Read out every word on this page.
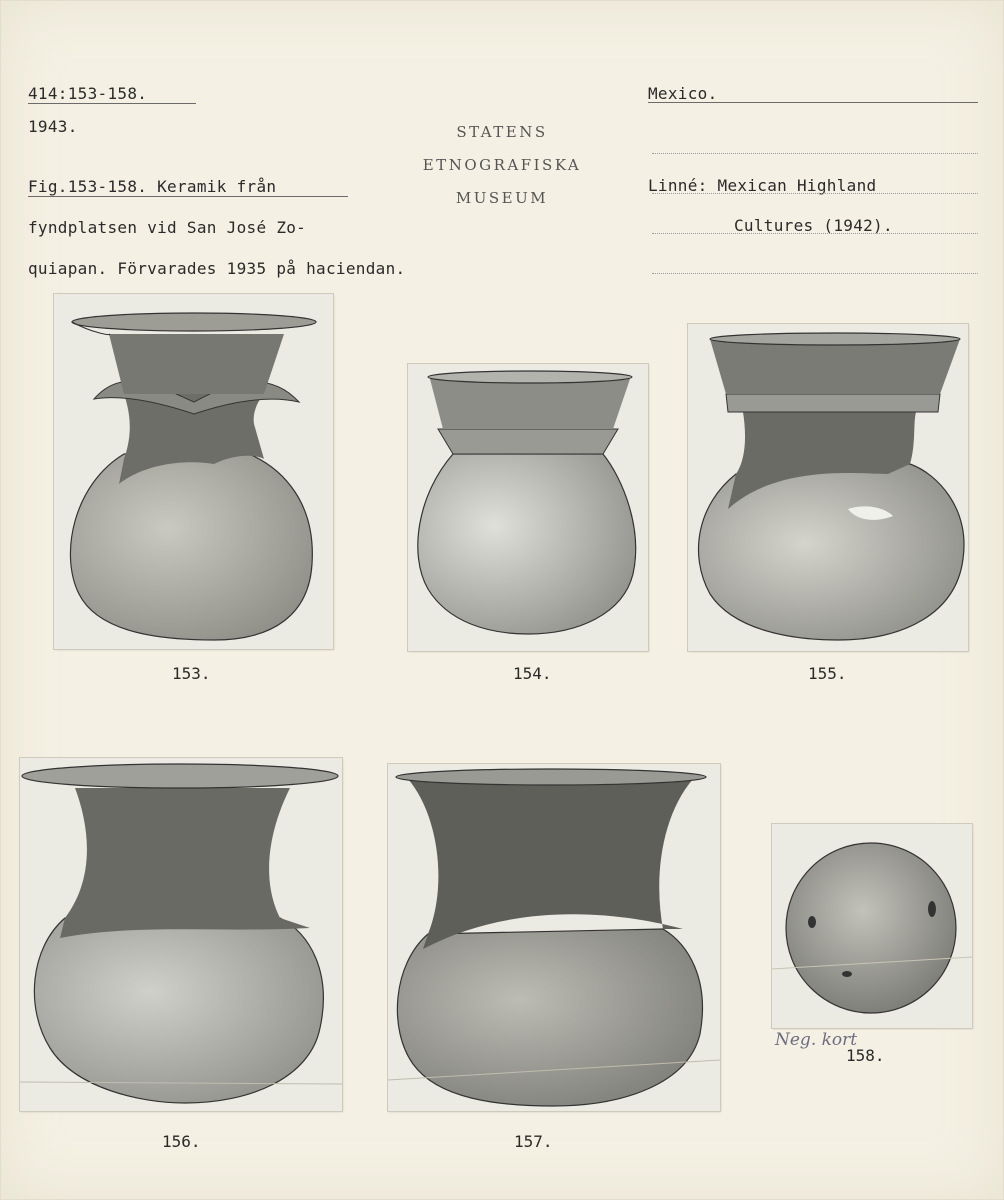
414:153-158.
1943.
Fig.153-158. Keramik från
fyndplatsen vid San José Zo-
quiapan. Förvarades 1935 på haciendan.
STATENS
ETNOGRAFISKA
MUSEUM
Mexico.
Linné: Mexican Highland
Cultures (1942).
153.	154.	155.
156.	157.
Neg. kort
158.
